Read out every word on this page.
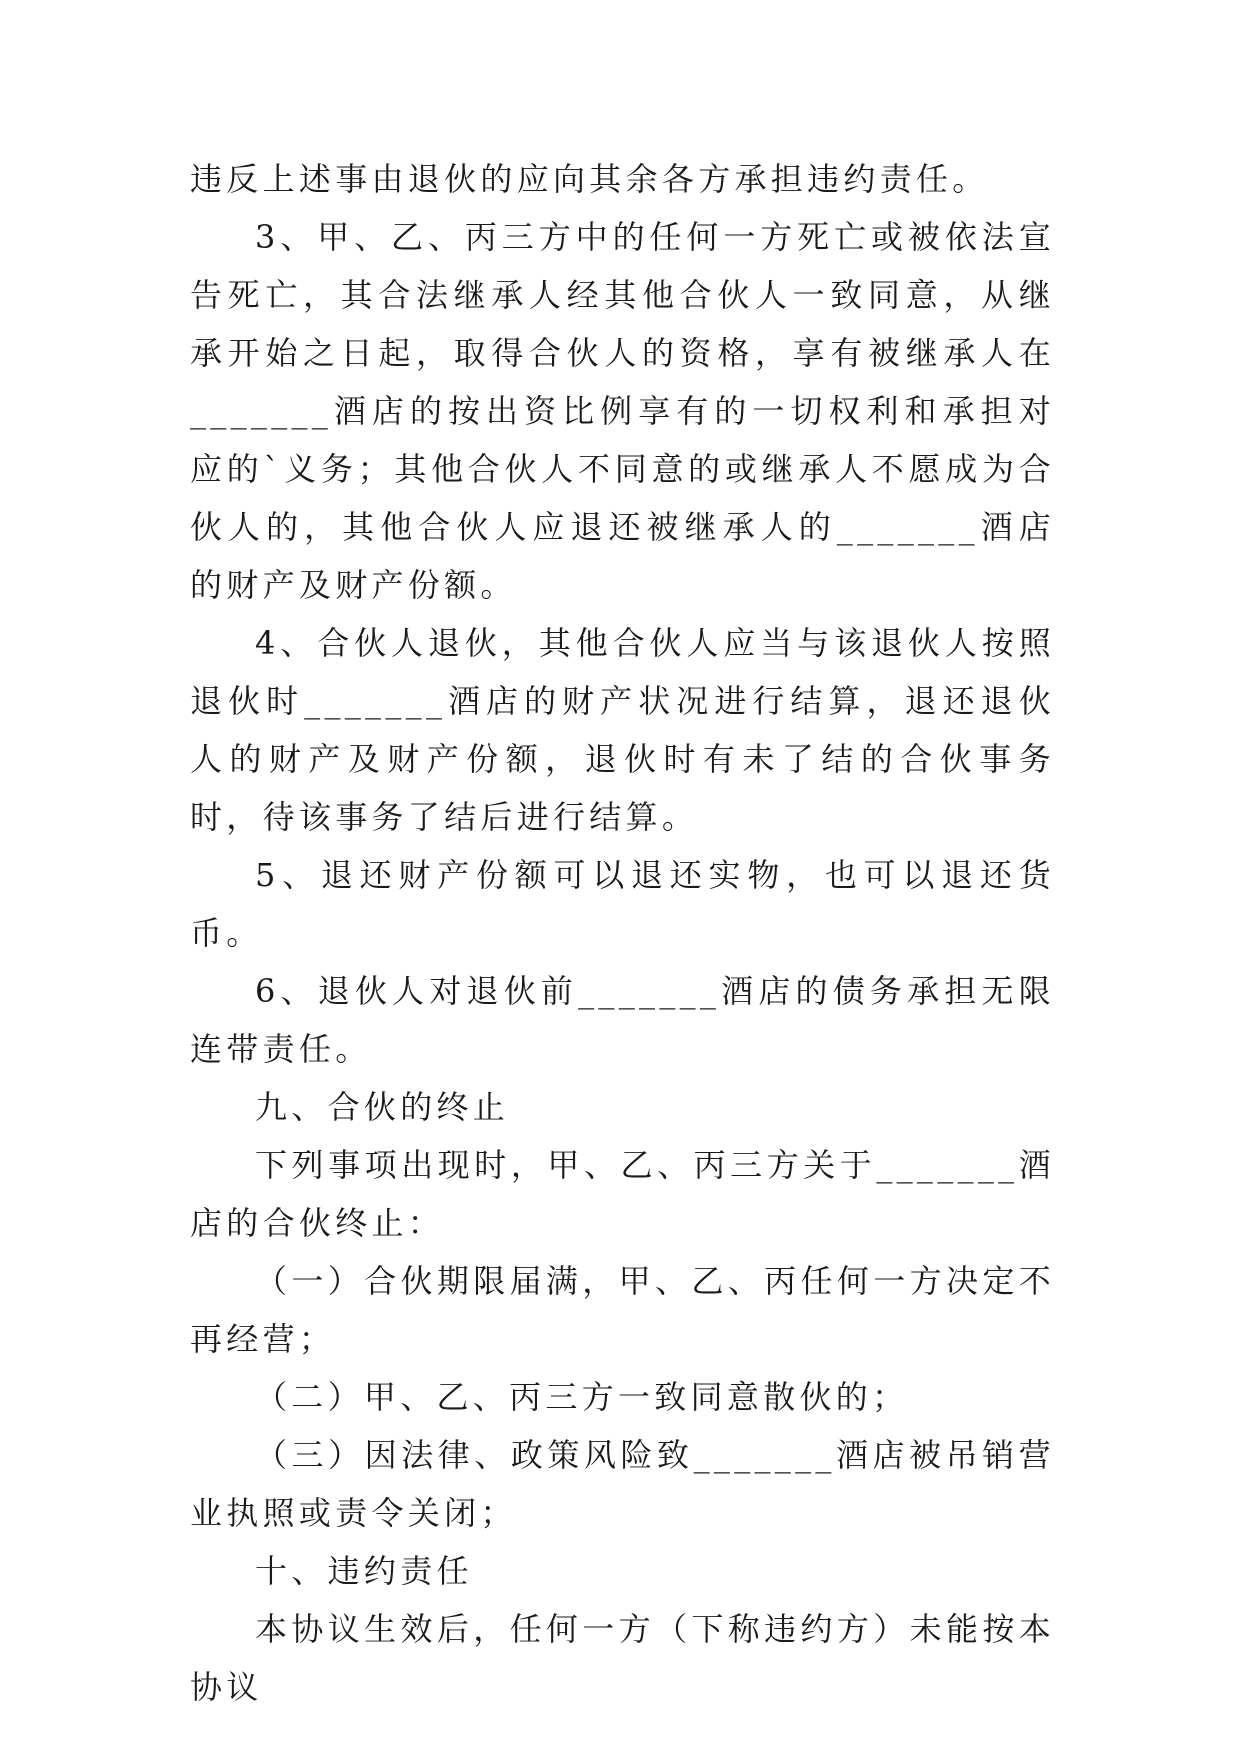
违反上述事由退伙的应向其余各方承担违约责任。

3、甲、乙、丙三方中的任何一方死亡或被依法宣告死亡，其合法继承人经其他合伙人一致同意，从继承开始之日起，取得合伙人的资格，享有被继承人在_______酒店的按出资比例享有的一切权利和承担对应的`义务；其他合伙人不同意的或继承人不愿成为合伙人的，其他合伙人应退还被继承人的_______酒店的财产及财产份额。

4、合伙人退伙，其他合伙人应当与该退伙人按照退伙时_______酒店的财产状况进行结算，退还退伙人的财产及财产份额，退伙时有未了结的合伙事务时，待该事务了结后进行结算。

5、退还财产份额可以退还实物，也可以退还货币。

6、退伙人对退伙前_______酒店的债务承担无限连带责任。

九、合伙的终止

下列事项出现时，甲、乙、丙三方关于_______酒店的合伙终止：

（一）合伙期限届满，甲、乙、丙任何一方决定不再经营；

（二）甲、乙、丙三方一致同意散伙的；

（三）因法律、政策风险致_______酒店被吊销营业执照或责令关闭；

十、违约责任

本协议生效后，任何一方（下称违约方）未能按本协议
